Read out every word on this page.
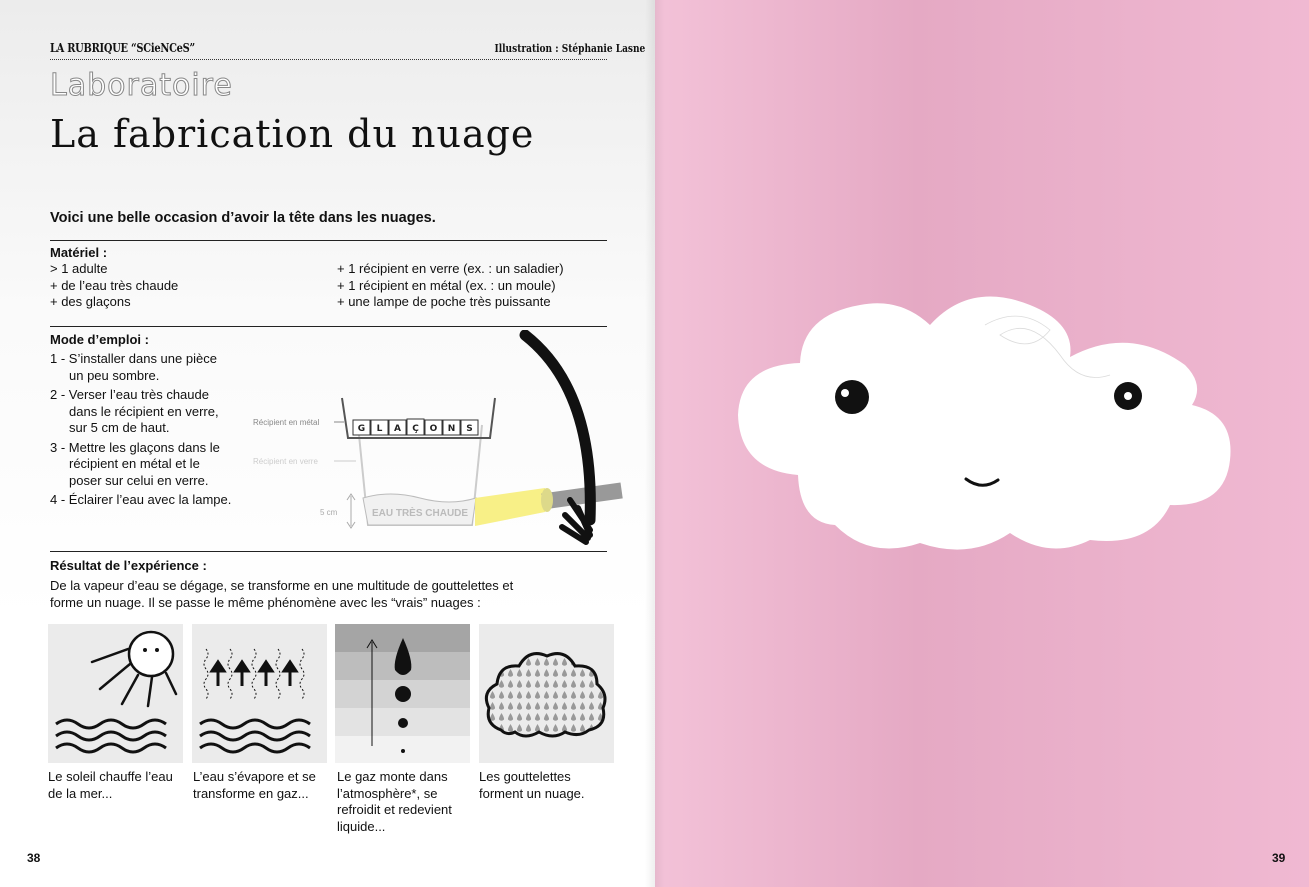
LA RUBRIQUE “SCieNCeS”	Illustration : Stéphanie Lasne
Laboratoire
La fabrication du nuage
Voici une belle occasion d’avoir la tête dans les nuages.
Matériel :
> 1 adulte
+ de l’eau très chaude
+ des glaçons
+ 1 récipient en verre (ex. : un saladier)
+ 1 récipient en métal (ex. : un moule)
+ une lampe de poche très puissante
Mode d’emploi :
1 - S’installer dans une pièce
un peu sombre.
2 - Verser l’eau très chaude
dans le récipient en verre,
sur 5 cm de haut.
3 - Mettre les glaçons dans le
récipient en métal et le
poser sur celui en verre.
4 - Éclairer l’eau avec la lampe.
G L A Ç O N S
Récipient en métal
Récipient en verre
5 cm	EAU TRÈS CHAUDE
Résultat de l’expérience :
De la vapeur d’eau se dégage, se transforme en une multitude de gouttelettes et
forme un nuage. Il se passe le même phénomène avec les “vrais” nuages :
Le soleil chauffe l’eau
de la mer...
L’eau s’évapore et se
transforme en gaz...
Le gaz monte dans
l’atmosphère*, se
refroidit et redevient
liquide...
Les gouttelettes
forment un nuage.
38	39
